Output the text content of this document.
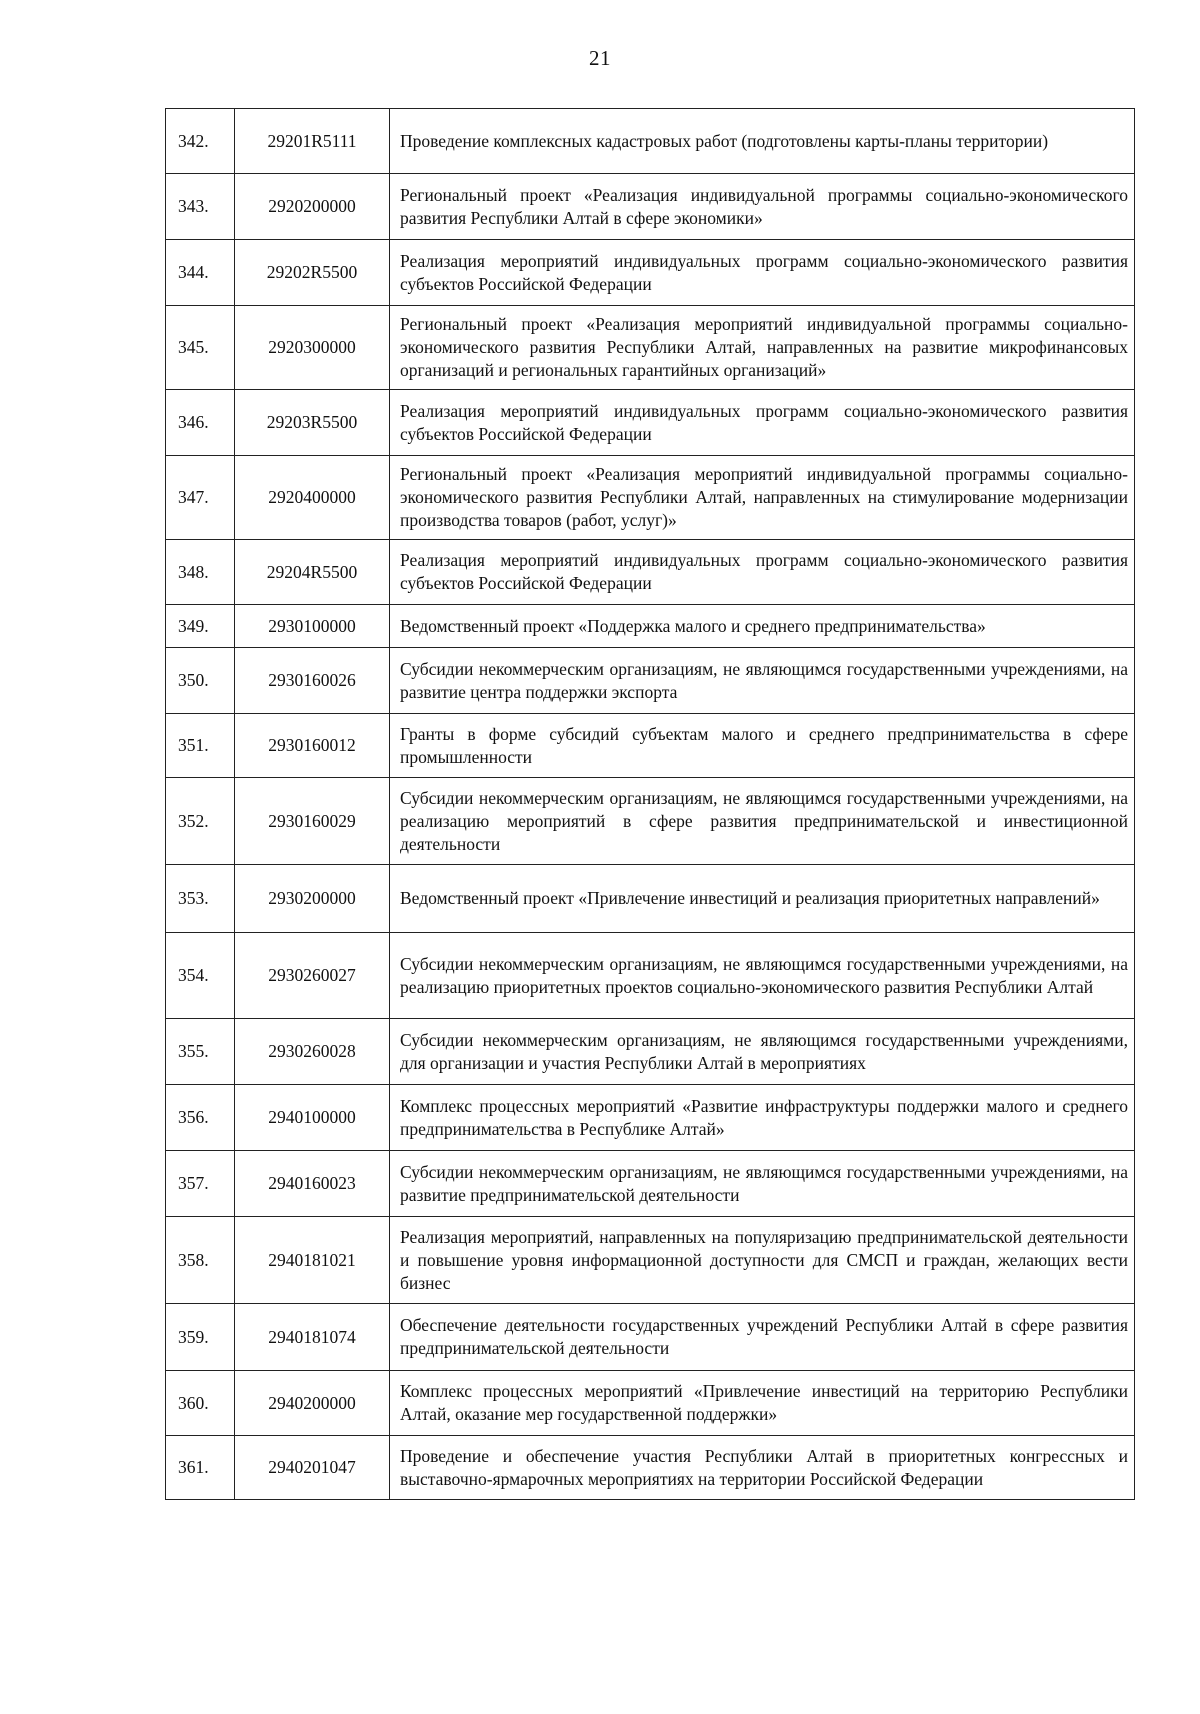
21
342.	29201R5111	Проведение комплексных кадастровых работ (подготовлены карты-планы территории)
343.	2920200000	Региональный проект «Реализация индивидуальной программы социально-экономического развития Республики Алтай в сфере экономики»
344.	29202R5500	Реализация мероприятий индивидуальных программ социально-экономического развития субъектов Российской Федерации
345.	2920300000	Региональный проект «Реализация мероприятий индивидуальной программы социально-экономического развития Республики Алтай, направленных на развитие микрофинансовых организаций и региональных гарантийных организаций»
346.	29203R5500	Реализация мероприятий индивидуальных программ социально-экономического развития субъектов Российской Федерации
347.	2920400000	Региональный проект «Реализация мероприятий индивидуальной программы социально-экономического развития Республики Алтай, направленных на стимулирование модернизации производства товаров (работ, услуг)»
348.	29204R5500	Реализация мероприятий индивидуальных программ социально-экономического развития субъектов Российской Федерации
349.	2930100000	Ведомственный проект «Поддержка малого и среднего предпринимательства»
350.	2930160026	Субсидии некоммерческим организациям, не являющимся государственными учреждениями, на развитие центра поддержки экспорта
351.	2930160012	Гранты в форме субсидий субъектам малого и среднего предпринимательства в сфере промышленности
352.	2930160029	Субсидии некоммерческим организациям, не являющимся государственными учреждениями, на реализацию мероприятий в сфере развития предпринимательской и инвестиционной деятельности
353.	2930200000	Ведомственный проект «Привлечение инвестиций и реализация приоритетных направлений»
354.	2930260027	Субсидии некоммерческим организациям, не являющимся государственными учреждениями, на реализацию приоритетных проектов социально-экономического развития Республики Алтай
355.	2930260028	Субсидии некоммерческим организациям, не являющимся государственными учреждениями, для организации и участия Республики Алтай в мероприятиях
356.	2940100000	Комплекс процессных мероприятий «Развитие инфраструктуры поддержки малого и среднего предпринимательства в Республике Алтай»
357.	2940160023	Субсидии некоммерческим организациям, не являющимся государственными учреждениями, на развитие предпринимательской деятельности
358.	2940181021	Реализация мероприятий, направленных на популяризацию предпринимательской деятельности и повышение уровня информационной доступности для СМСП и граждан, желающих вести бизнес
359.	2940181074	Обеспечение деятельности государственных учреждений Республики Алтай в сфере развития предпринимательской деятельности
360.	2940200000	Комплекс процессных мероприятий «Привлечение инвестиций на территорию Республики Алтай, оказание мер государственной поддержки»
361.	2940201047	Проведение и обеспечение участия Республики Алтай в приоритетных конгрессных и выставочно-ярмарочных мероприятиях на территории Российской Федерации
